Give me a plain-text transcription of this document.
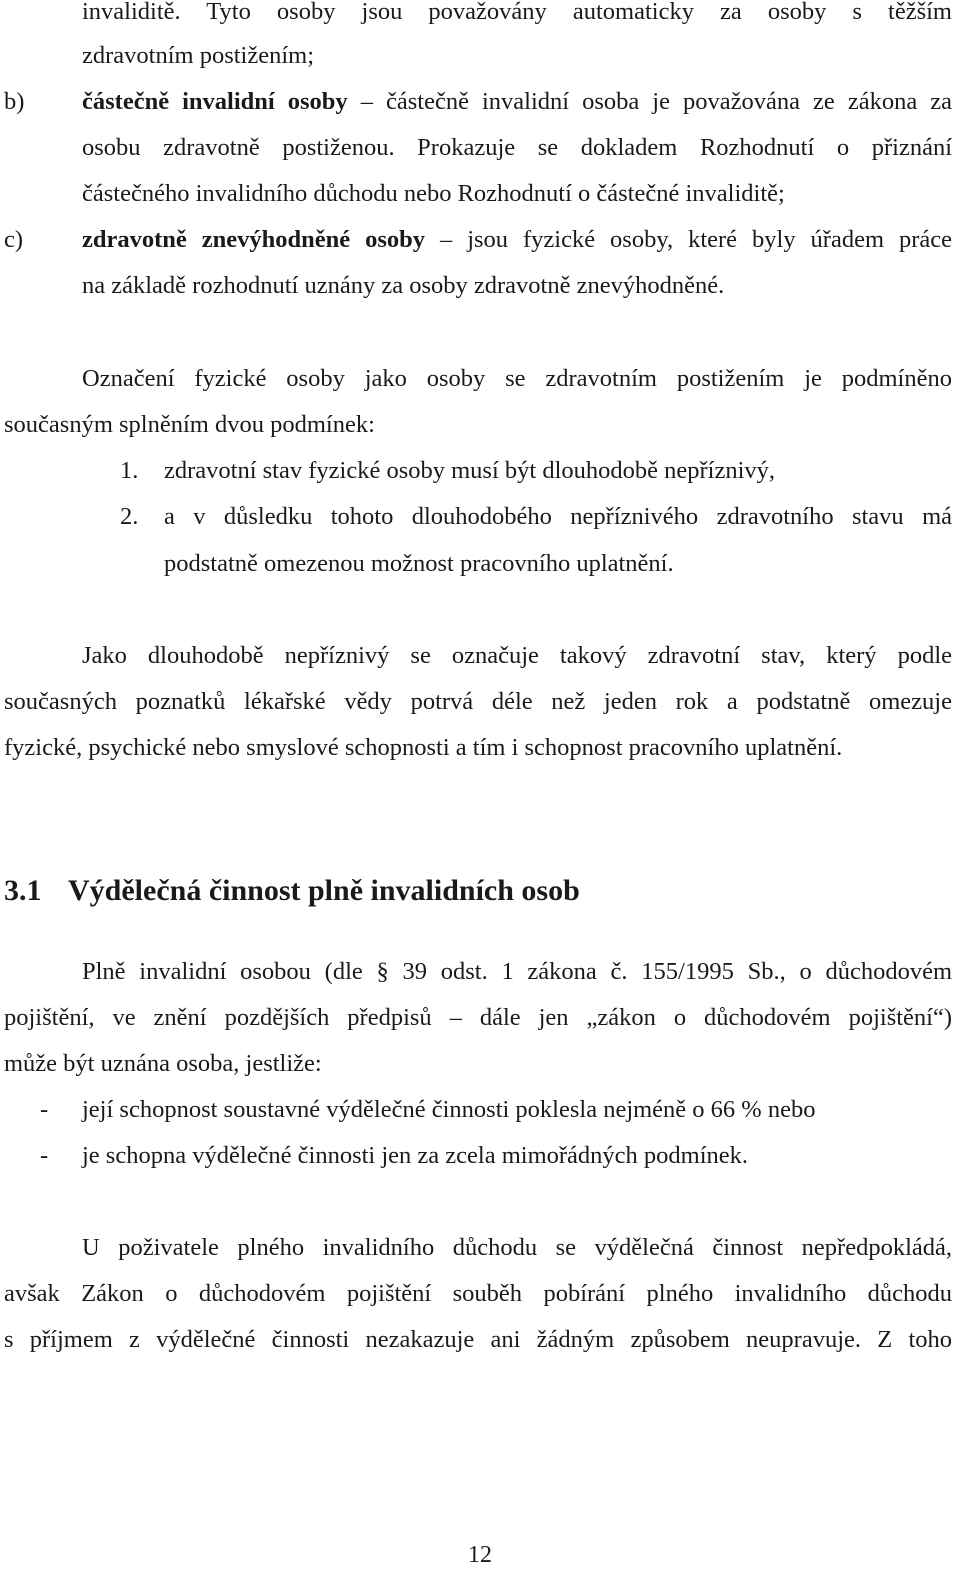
invaliditě. Tyto osoby jsou považovány automaticky za osoby s těžším
zdravotním postižením;
b)	částečně invalidní osoby – částečně invalidní osoba je považována ze zákona za
osobu zdravotně postiženou. Prokazuje se dokladem Rozhodnutí o přiznání
částečného invalidního důchodu nebo Rozhodnutí o částečné invaliditě;
c)	zdravotně znevýhodněné osoby – jsou fyzické osoby, které byly úřadem práce
na základě rozhodnutí uznány za osoby zdravotně znevýhodněné.
Označení fyzické osoby jako osoby se zdravotním postižením je podmíněno
současným splněním dvou podmínek:
1.	zdravotní stav fyzické osoby musí být dlouhodobě nepříznivý,
2.	a v důsledku tohoto dlouhodobého nepříznivého zdravotního stavu má
podstatně omezenou možnost pracovního uplatnění.
Jako dlouhodobě nepříznivý se označuje takový zdravotní stav, který podle
současných poznatků lékařské vědy potrvá déle než jeden rok a podstatně omezuje
fyzické, psychické nebo smyslové schopnosti a tím i schopnost pracovního uplatnění.
3.1 Výdělečná činnost plně invalidních osob
Plně invalidní osobou (dle § 39 odst. 1 zákona č. 155/1995 Sb., o důchodovém
pojištění, ve znění pozdějších předpisů – dále jen „zákon o důchodovém pojištění“)
může být uznána osoba, jestliže:
-	její schopnost soustavné výdělečné činnosti poklesla nejméně o 66 % nebo
-	je schopna výdělečné činnosti jen za zcela mimořádných podmínek.
U poživatele plného invalidního důchodu se výdělečná činnost nepředpokládá,
avšak Zákon o důchodovém pojištění souběh pobírání plného invalidního důchodu
s příjmem z výdělečné činnosti nezakazuje ani žádným způsobem neupravuje. Z toho
12
